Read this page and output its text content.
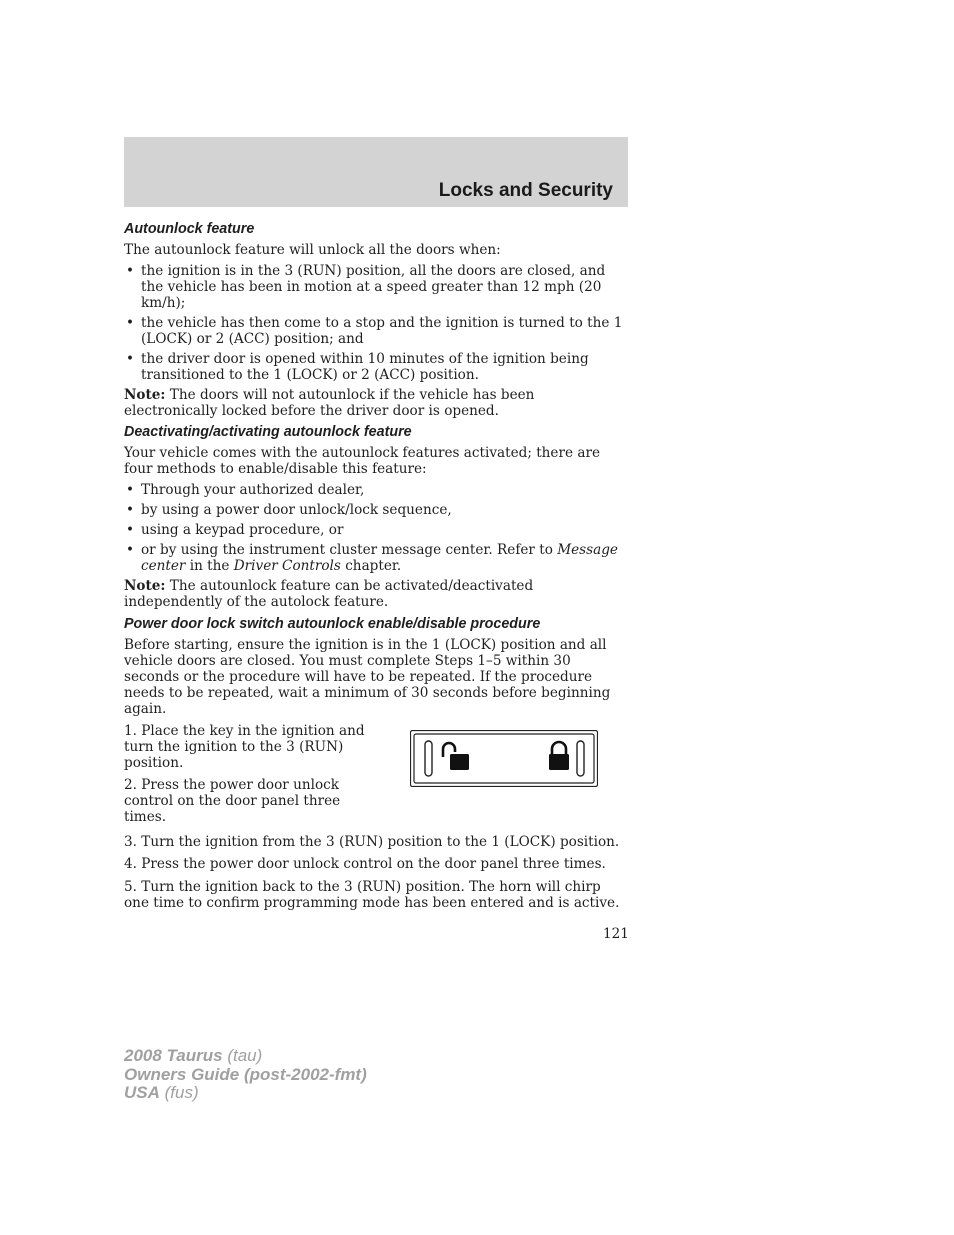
Locks and Security
Autounlock feature

The autounlock feature will unlock all the doors when:

• the ignition is in the 3 (RUN) position, all the doors are closed, and the vehicle has been in motion at a speed greater than 12 mph (20 km/h);
• the vehicle has then come to a stop and the ignition is turned to the 1 (LOCK) or 2 (ACC) position; and
• the driver door is opened within 10 minutes of the ignition being transitioned to the 1 (LOCK) or 2 (ACC) position.

Note: The doors will not autounlock if the vehicle has been electronically locked before the driver door is opened.

Deactivating/activating autounlock feature

Your vehicle comes with the autounlock features activated; there are four methods to enable/disable this feature:

• Through your authorized dealer,
• by using a power door unlock/lock sequence,
• using a keypad procedure, or
• or by using the instrument cluster message center. Refer to Message center in the Driver Controls chapter.

Note: The autounlock feature can be activated/deactivated independently of the autolock feature.

Power door lock switch autounlock enable/disable procedure

Before starting, ensure the ignition is in the 1 (LOCK) position and all vehicle doors are closed. You must complete Steps 1–5 within 30 seconds or the procedure will have to be repeated. If the procedure needs to be repeated, wait a minimum of 30 seconds before beginning again.

1. Place the key in the ignition and turn the ignition to the 3 (RUN) position.

2. Press the power door unlock control on the door panel three times.

3. Turn the ignition from the 3 (RUN) position to the 1 (LOCK) position.

4. Press the power door unlock control on the door panel three times.

5. Turn the ignition back to the 3 (RUN) position. The horn will chirp one time to confirm programming mode has been entered and is active.

121
2008 Taurus (tau)
Owners Guide (post-2002-fmt)
USA (fus)
